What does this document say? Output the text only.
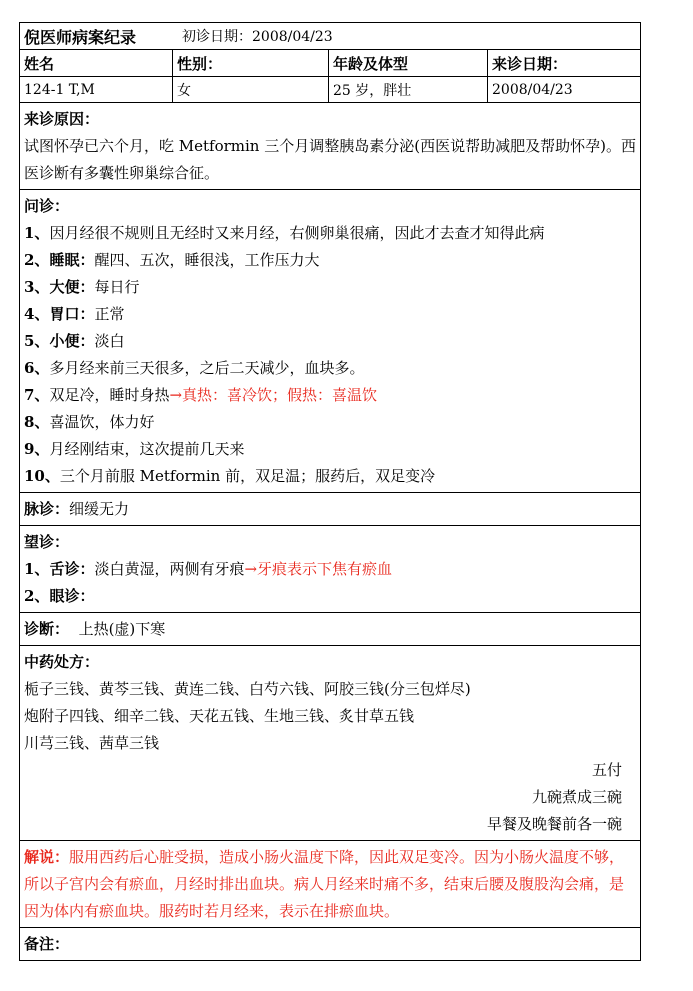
倪医师病案纪录	初诊日期：2008/04/23
姓名	性别：	年龄及体型	来诊日期：
124-1 T,M	女	25 岁，胖壮	2008/04/23
来诊原因：
试图怀孕已六个月，吃 Metformin 三个月调整胰岛素分泌(西医说帮助减肥及帮助怀孕)。西医诊断有多囊性卵巢综合征。
问诊：
1、 因月经很不规则且无经时又来月经，右侧卵巢很痛，因此才去查才知得此病
2、 睡眠：醒四、五次，睡很浅，工作压力大
3、 大便：每日行
4、 胃口：正常
5、 小便：淡白
6、 多月经来前三天很多，之后二天减少，血块多。
7、 双足冷，睡时身热→真热：喜冷饮；假热：喜温饮
8、 喜温饮，体力好
9、 月经刚结束，这次提前几天来
10、 三个月前服 Metformin 前，双足温；服药后，双足变冷
脉诊：细缓无力
望诊：
1、舌诊：淡白黄湿，两侧有牙痕→牙痕表示下焦有瘀血
2、眼诊：
诊断： 上热(虚)下寒
中药处方：
栀子三钱、黄芩三钱、黄连二钱、白芍六钱、阿胶三钱(分三包烊尽)
炮附子四钱、细辛二钱、天花五钱、生地三钱、炙甘草五钱
川芎三钱、茜草三钱
五付
九碗煮成三碗
早餐及晚餐前各一碗
解说：服用西药后心脏受损，造成小肠火温度下降，因此双足变冷。因为小肠火温度不够，所以子宫内会有瘀血，月经时排出血块。病人月经来时痛不多，结束后腰及腹股沟会痛，是因为体内有瘀血块。服药时若月经来，表示在排瘀血块。
备注：
